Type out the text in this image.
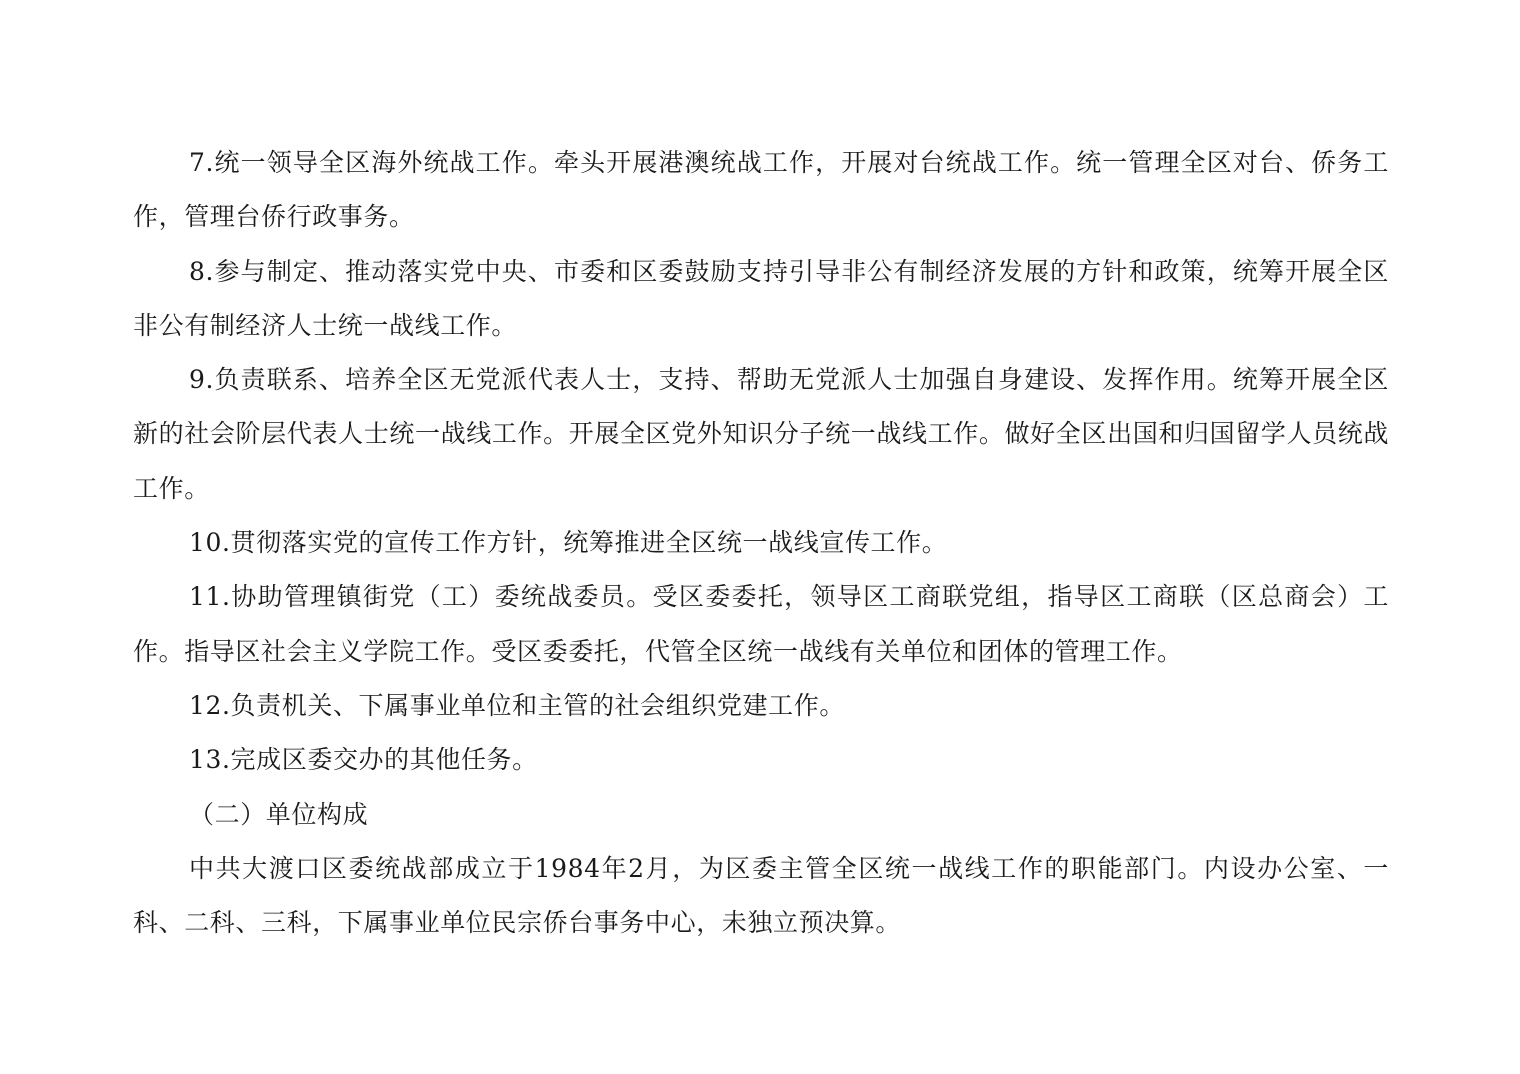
7.统一领导全区海外统战工作。牵头开展港澳统战工作，开展对台统战工作。统一管理全区对台、侨务工作，管理台侨行政事务。

8.参与制定、推动落实党中央、市委和区委鼓励支持引导非公有制经济发展的方针和政策，统筹开展全区非公有制经济人士统一战线工作。

9.负责联系、培养全区无党派代表人士，支持、帮助无党派人士加强自身建设、发挥作用。统筹开展全区新的社会阶层代表人士统一战线工作。开展全区党外知识分子统一战线工作。做好全区出国和归国留学人员统战工作。

10.贯彻落实党的宣传工作方针，统筹推进全区统一战线宣传工作。

11.协助管理镇街党（工）委统战委员。受区委委托，领导区工商联党组，指导区工商联（区总商会）工作。指导区社会主义学院工作。受区委委托，代管全区统一战线有关单位和团体的管理工作。

12.负责机关、下属事业单位和主管的社会组织党建工作。

13.完成区委交办的其他任务。

（二）单位构成

中共大渡口区委统战部成立于1984年2月，为区委主管全区统一战线工作的职能部门。内设办公室、一科、二科、三科，下属事业单位民宗侨台事务中心，未独立预决算。
